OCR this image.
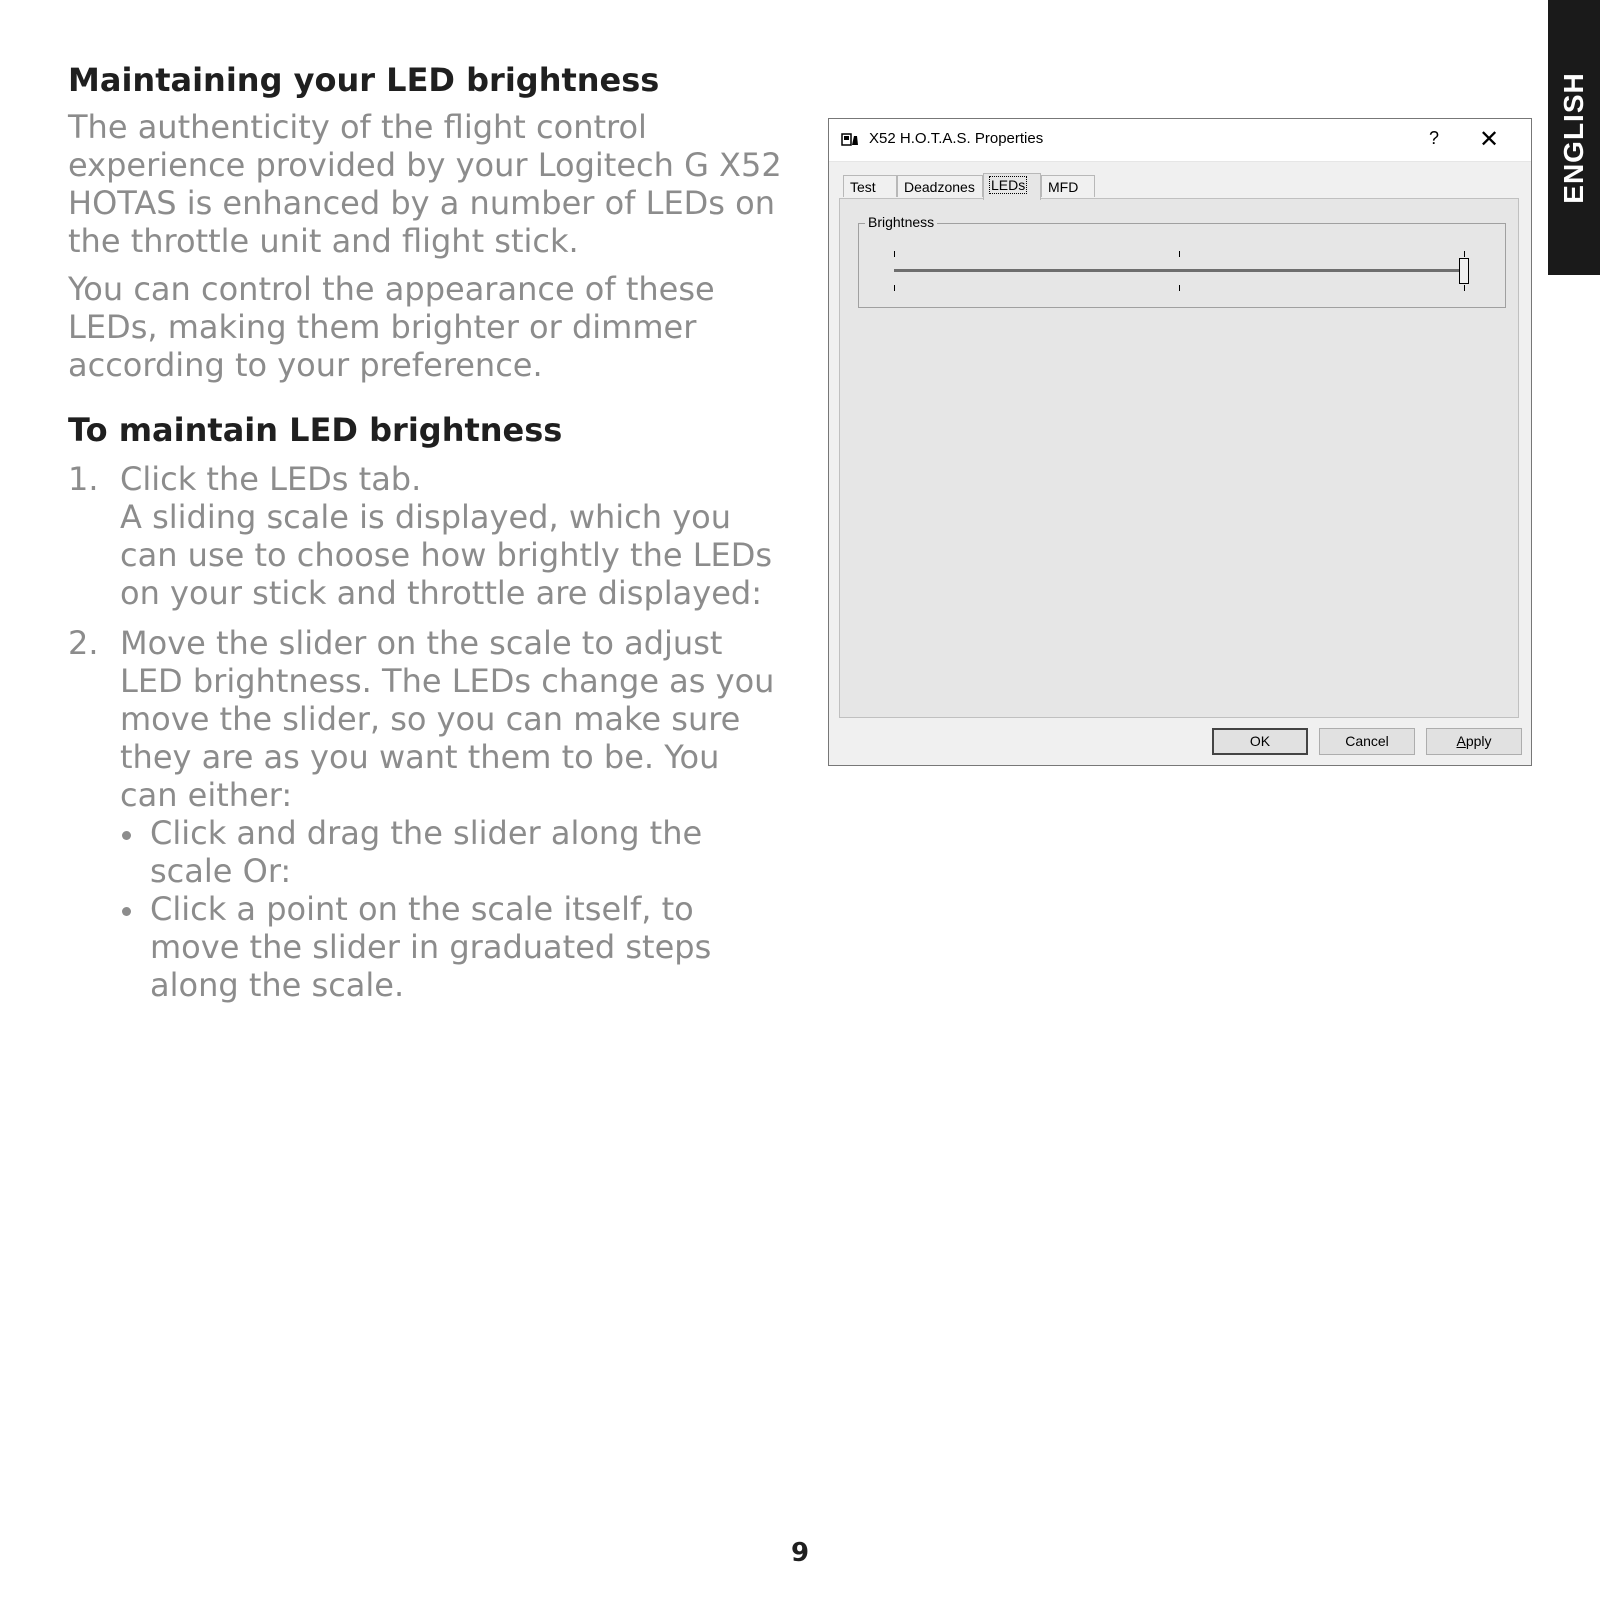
ENGLISH
Maintaining your LED brightness

The authenticity of the flight control experience provided by your Logitech G X52 HOTAS is enhanced by a number of LEDs on the throttle unit and flight stick.

You can control the appearance of these LEDs, making them brighter or dimmer according to your preference.

To maintain LED brightness
1. Click the LEDs tab.
A sliding scale is displayed, which you can use to choose how brightly the LEDs on your stick and throttle are displayed:
2. Move the slider on the scale to adjust LED brightness. The LEDs change as you move the slider, so you can make sure they are as you want them to be. You can either:
Click and drag the slider along the scale Or:
Click a point on the scale itself, to move the slider in graduated steps along the scale.
X52 H.O.T.A.S. Properties	? ✕
Test	Deadzones	LEDs	MFD
Brightness
OK	Cancel	Apply
9
